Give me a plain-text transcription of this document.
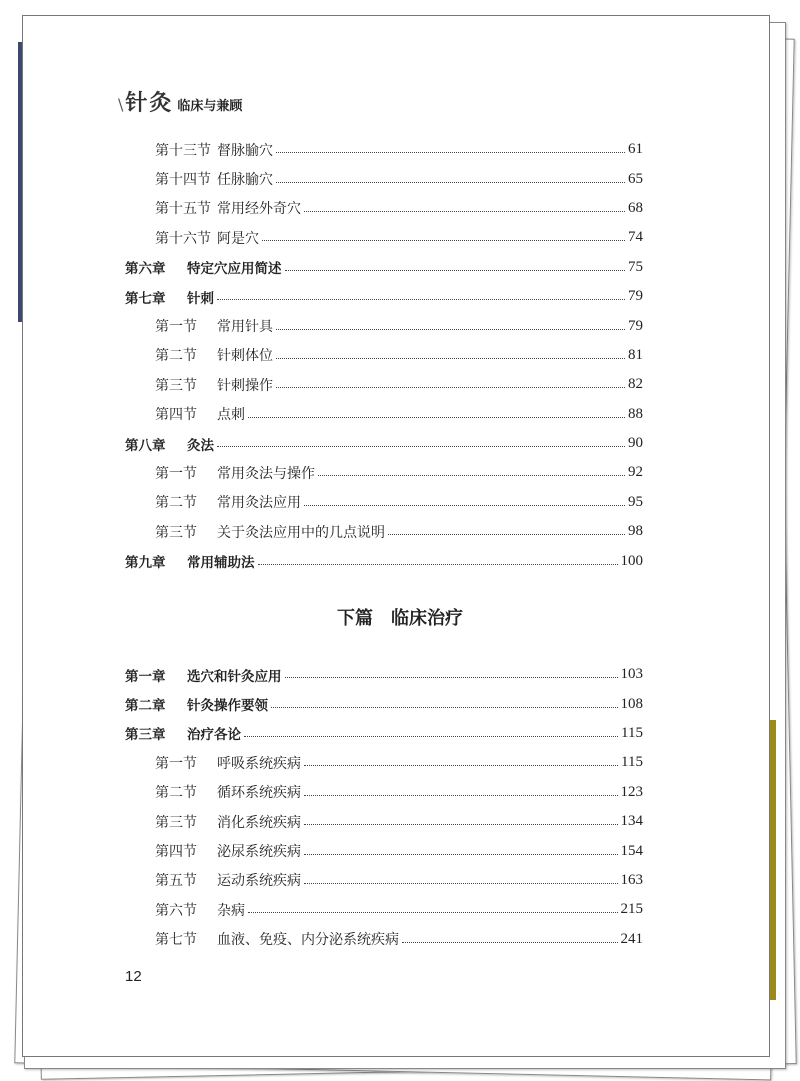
\ 针灸 临床与兼顾
第十三节 督脉腧穴	61
第十四节 任脉腧穴	65
第十五节 常用经外奇穴	68
第十六节 阿是穴	74
第六章	特定穴应用简述	75
第七章	针刺	79
第一节	常用针具	79
第二节	针刺体位	81
第三节	针刺操作	82
第四节	点刺	88
第八章	灸法	90
第一节	常用灸法与操作	92
第二节	常用灸法应用	95
第三节	关于灸法应用中的几点说明	98
第九章	常用辅助法	100
下篇　临床治疗
第一章	选穴和针灸应用	103
第二章	针灸操作要领	108
第三章	治疗各论	115
第一节	呼吸系统疾病	115
第二节	循环系统疾病	123
第三节	消化系统疾病	134
第四节	泌尿系统疾病	154
第五节	运动系统疾病	163
第六节	杂病	215
第七节	血液、免疫、内分泌系统疾病	241
12
